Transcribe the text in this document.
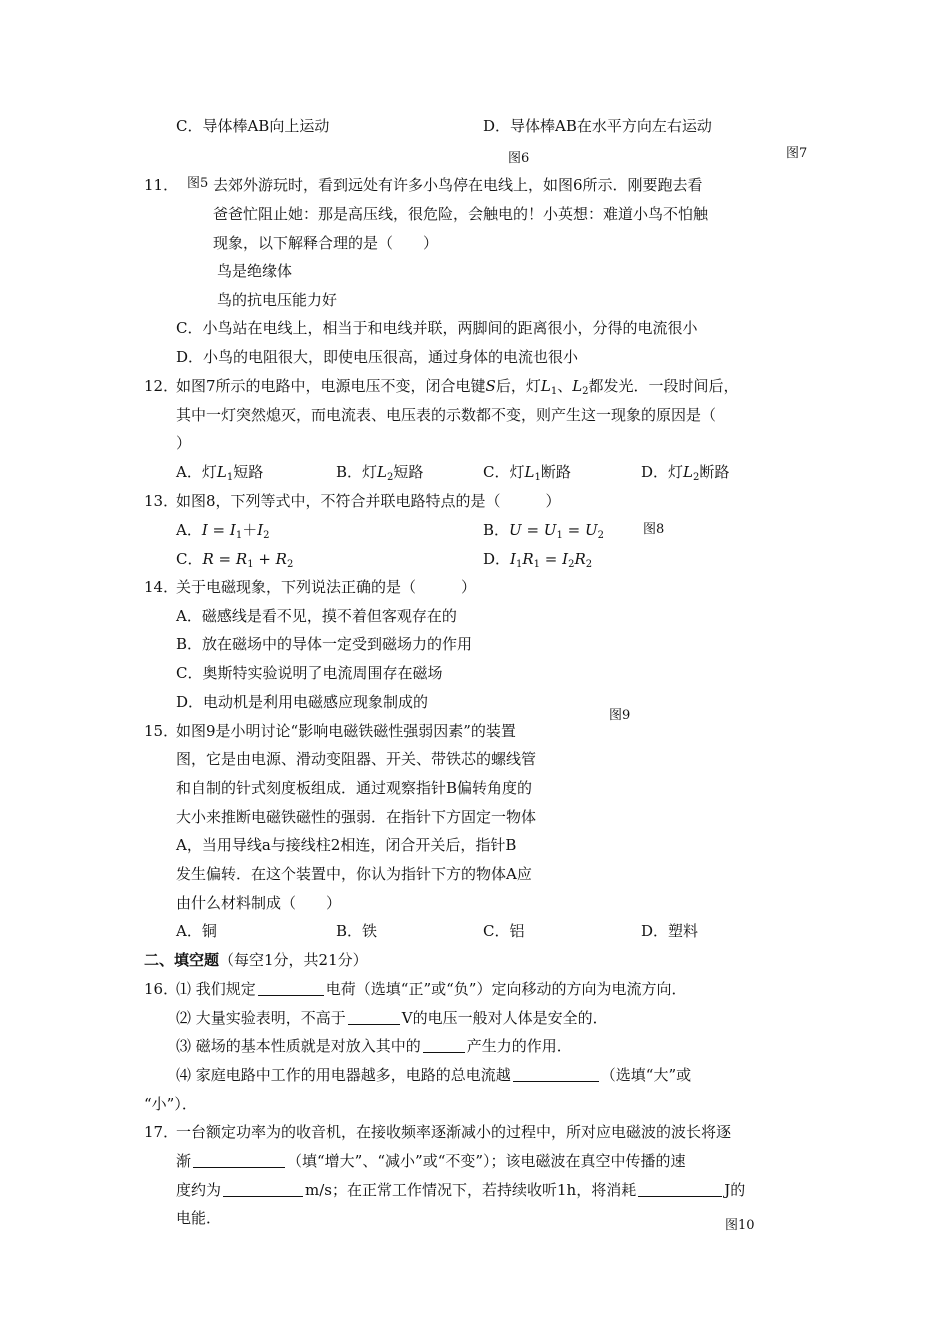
C．导体棒AB向上运动	D．导体棒AB在水平方向左右运动
图6	图7
11． 图5 去郊外游玩时，看到远处有许多小鸟停在电线上，如图6所示．刚要跑去看
爸爸忙阻止她：那是高压线，很危险，会触电的！小英想：难道小鸟不怕触
现象，以下解释合理的是（　　）
鸟是绝缘体
鸟的抗电压能力好
C．小鸟站在电线上，相当于和电线并联，两脚间的距离很小，分得的电流很小
D．小鸟的电阻很大，即使电压很高，通过身体的电流也很小
12．
如图7所示的电路中，电源电压不变，闭合电键S后，灯$L_1$、$L_2$都发光．一段时间后，
其中一灯突然熄灭，而电流表、电压表的示数都不变，则产生这一现象的原因是（
）
A．灯$L_1$短路	B．灯$L_2$短路	C．灯$L_1$断路	D．灯$L_2$断路
13．
如图8，下列等式中，不符合并联电路特点的是（　　　）
A．$I = I_1+I_2$	B．$U = U_1 = U_2$	图8
C．$R = R_1 + R_2$	D．$I_1R_1 = I_2R_2$
14．
关于电磁现象，下列说法正确的是（　　　）
A．磁感线是看不见，摸不着但客观存在的
B．放在磁场中的导体一定受到磁场力的作用
C．奥斯特实验说明了电流周围存在磁场
D．电动机是利用电磁感应现象制成的
图9
15．
如图9是小明讨论“影响电磁铁磁性强弱因素”的装置
图，它是由电源、滑动变阻器、开关、带铁芯的螺线管
和自制的针式刻度板组成．通过观察指针B偏转角度的
大小来推断电磁铁磁性的强弱．在指针下方固定一物体
A，当用导线a与接线柱2相连，闭合开关后，指针B
发生偏转．在这个装置中，你认为指针下方的物体A应
由什么材料制成（　　）
A．铜	B．铁	C．铝	D．塑料
二、填空题（每空1分，共21分）
16．
⑴ 我们规定	电荷（选填“正”或“负”）定向移动的方向为电流方向．
⑵ 大量实验表明，不高于	V的电压一般对人体是安全的．
⑶ 磁场的基本性质就是对放入其中的	产生力的作用．
⑷ 家庭电路中工作的用电器越多，电路的总电流越	（选填“大”或
“小”）．
17．
一台额定功率为的收音机，在接收频率逐渐减小的过程中，所对应电磁波的波长将逐
渐	（填“增大”、“减小”或“不变”）；该电磁波在真空中传播的速
度约为	m/s；在正常工作情况下，若持续收听1h，将消耗	J的
电能．	图10
